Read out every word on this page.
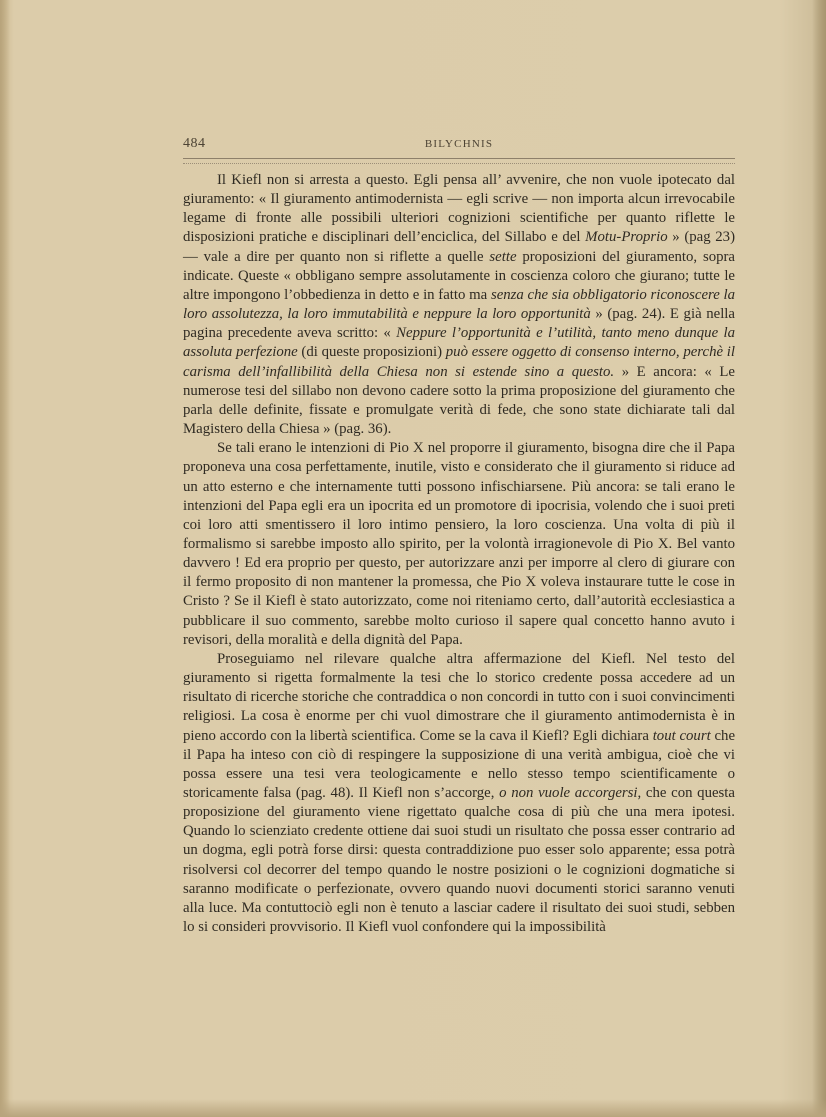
484	BILYCHNIS

Il Kiefl non si arresta a questo. Egli pensa all’ avvenire, che non vuole ipotecato dal giuramento: « Il giuramento antimodernista — egli scrive — non importa alcun irrevocabile legame di fronte alle possibili ulteriori cognizioni scientifiche per quanto riflette le disposizioni pratiche e disciplinari dell’enciclica, del Sillabo e del Motu-Proprio » (pag 23) — vale a dire per quanto non si riflette a quelle sette proposizioni del giuramento, sopra indicate. Queste « obbligano sempre assolutamente in coscienza coloro che giurano; tutte le altre impongono l’obbedienza in detto e in fatto ma senza che sia obbligatorio riconoscere la loro assolutezza, la loro immutabilità e neppure la loro opportunità » (pag. 24). E già nella pagina precedente aveva scritto: « Neppure l’opportunità e l’utilità, tanto meno dunque la assoluta perfezione (di queste proposizioni) può essere oggetto di consenso interno, perchè il carisma dell’infallibilità della Chiesa non si estende sino a questo. » E ancora: « Le numerose tesi del sillabo non devono cadere sotto la prima proposizione del giuramento che parla delle definite, fissate e promulgate verità di fede, che sono state dichiarate tali dal Magistero della Chiesa » (pag. 36).

Se tali erano le intenzioni di Pio X nel proporre il giuramento, bisogna dire che il Papa proponeva una cosa perfettamente, inutile, visto e considerato che il giuramento si riduce ad un atto esterno e che internamente tutti possono infischiarsene. Più ancora: se tali erano le intenzioni del Papa egli era un ipocrita ed un promotore di ipocrisia, volendo che i suoi preti coi loro atti smentissero il loro intimo pensiero, la loro coscienza. Una volta di più il formalismo si sarebbe imposto allo spirito, per la volontà irragionevole di Pio X. Bel vanto davvero ! Ed era proprio per questo, per autorizzare anzi per imporre al clero di giurare con il fermo proposito di non mantener la promessa, che Pio X voleva instaurare tutte le cose in Cristo ? Se il Kiefl è stato autorizzato, come noi riteniamo certo, dall’autorità ecclesiastica a pubblicare il suo commento, sarebbe molto curioso il sapere qual concetto hanno avuto i revisori, della moralità e della dignità del Papa.

Proseguiamo nel rilevare qualche altra affermazione del Kiefl. Nel testo del giuramento si rigetta formalmente la tesi che lo storico credente possa accedere ad un risultato di ricerche storiche che contraddica o non concordi in tutto con i suoi convincimenti religiosi. La cosa è enorme per chi vuol dimostrare che il giuramento antimodernista è in pieno accordo con la libertà scientifica. Come se la cava il Kiefl? Egli dichiara tout court che il Papa ha inteso con ciò di respingere la supposizione di una verità ambigua, cioè che vi possa essere una tesi vera teologicamente e nello stesso tempo scientificamente o storicamente falsa (pag. 48). Il Kiefl non s’accorge, o non vuole accorgersi, che con questa proposizione del giuramento viene rigettato qualche cosa di più che una mera ipotesi. Quando lo scienziato credente ottiene dai suoi studi un risultato che possa esser contrario ad un dogma, egli potrà forse dirsi: questa contraddizione puo esser solo apparente; essa potrà risolversi col decorrer del tempo quando le nostre posizioni o le cognizioni dogmatiche si saranno modificate o perfezionate, ovvero quando nuovi documenti storici saranno venuti alla luce. Ma contuttociò egli non è tenuto a lasciar cadere il risultato dei suoi studi, sebben lo si consideri provvisorio. Il Kiefl vuol confondere qui la impossibilità
